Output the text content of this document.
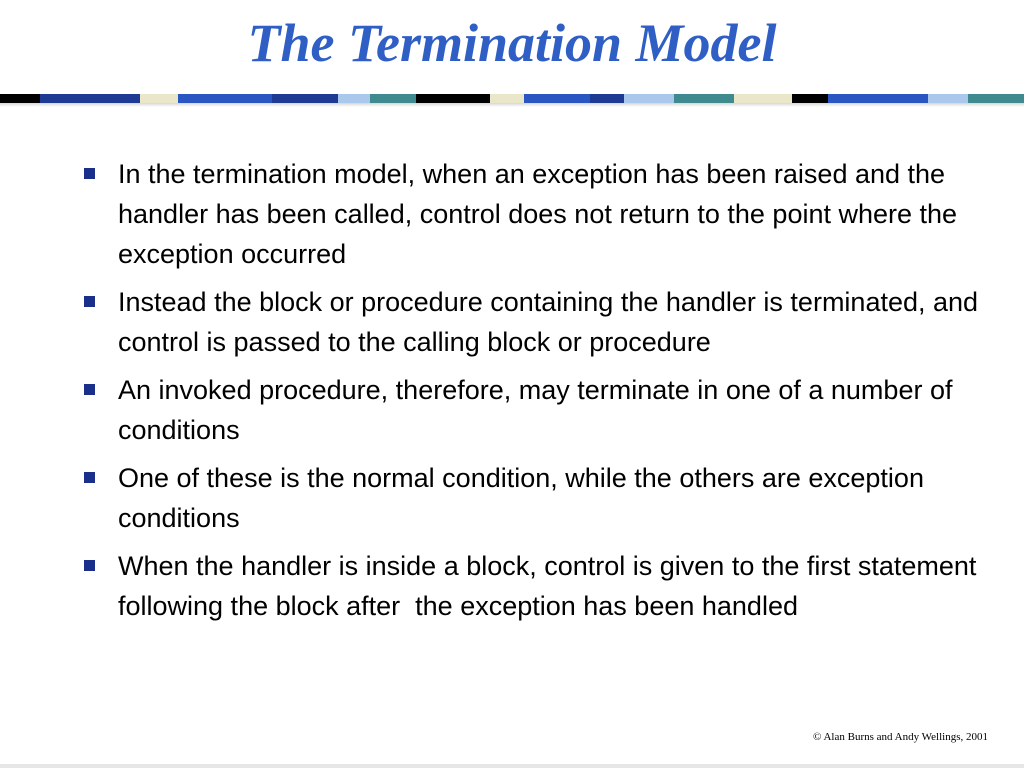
The Termination Model
In the termination model, when an exception has been raised and the handler has been called, control does not return to the point where the exception occurred
Instead the block or procedure containing the handler is terminated, and control is passed to the calling block or procedure
An invoked procedure, therefore, may terminate in one of a number of conditions
One of these is the normal condition, while the others are exception conditions
When the handler is inside a block, control is given to the first statement following the block after  the exception has been handled
© Alan Burns and Andy Wellings, 2001
